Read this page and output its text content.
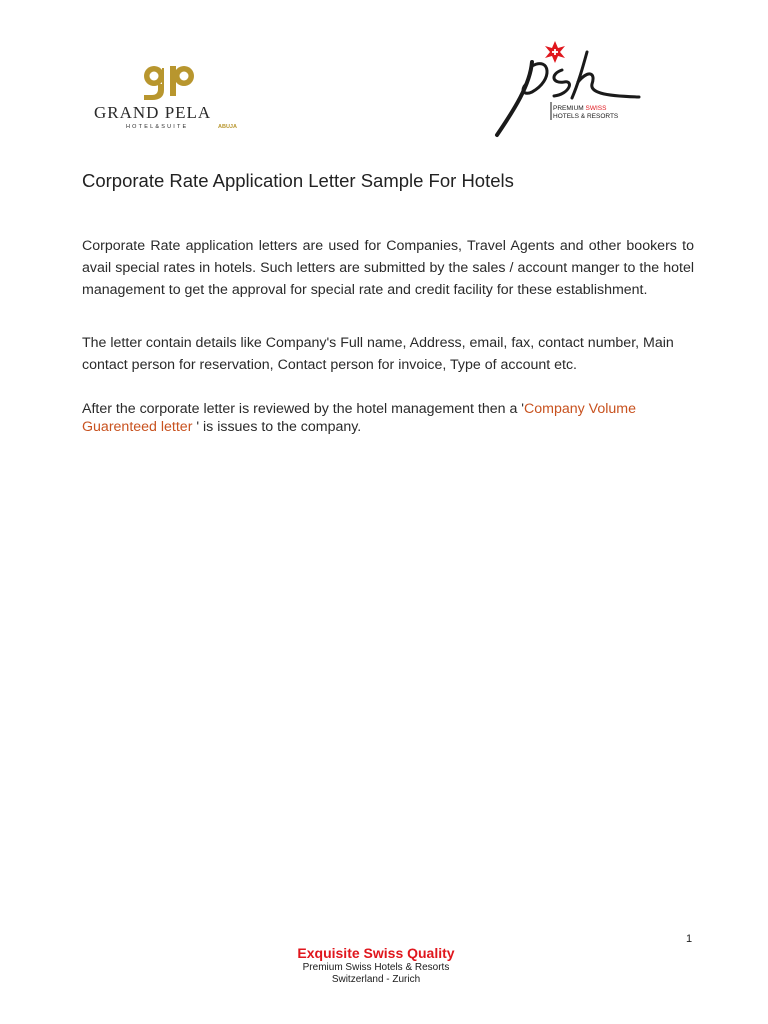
GRAND PELA
HOTEL&SUITE	ABUJA
PREMIUM SWISS
HOTELS & RESORTS
Corporate Rate Application Letter Sample For Hotels

Corporate Rate application letters are used for Companies, Travel Agents and other bookers to avail special rates in hotels. Such letters are submitted by the sales / account manger to the hotel management to get the approval for special rate and credit facility for these establishment.

The letter contain details like Company's Full name, Address, email, fax, contact number, Main contact person for reservation, Contact person for invoice, Type of account etc.

After the corporate letter is reviewed by the hotel management then a 'Company Volume Guarenteed letter ' is issues to the company.

1
Exquisite Swiss Quality
Premium Swiss Hotels & Resorts
Switzerland - Zurich
